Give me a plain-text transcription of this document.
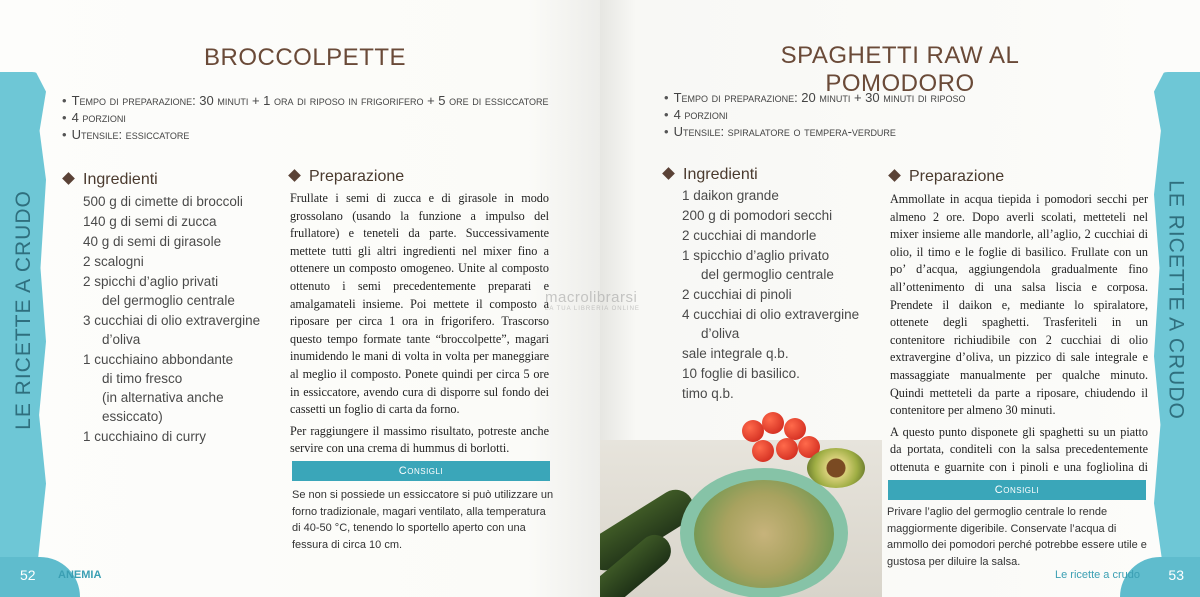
LE RICETTE A CRUDO
BROCCOLPETTE
• Tempo di preparazione: 30 minuti + 1 ora di riposo in frigorifero + 5 ore di essiccatore
• 4 porzioni
• Utensile: essiccatore
Ingredienti
500 g di cimette di broccoli
140 g di semi di zucca
40 g di semi di girasole
2 scalogni
2 spicchi d’aglio privati
del germoglio centrale
3 cucchiai di olio extravergine
d’oliva
1 cucchiaino abbondante
di timo fresco
(in alternativa anche
essiccato)
1 cucchiaino di curry
Preparazione

Frullate i semi di zucca e di girasole in modo grossolano (usando la funzione a impulso del frullatore) e teneteli da parte. Successivamente mettete tutti gli altri ingredienti nel mixer fino a ottenere un composto omogeneo. Unite al composto ottenuto i semi precedentemente preparati e amalgamateli insieme. Poi mettete il composto a riposare per circa 1 ora in frigorifero. Trascorso questo tempo formate tante “broccolpette”, magari inumidendo le mani di volta in volta per maneggiare al meglio il composto. Ponete quindi per circa 5 ore in essiccatore, avendo cura di disporre sul fondo dei cassetti un foglio di carta da forno.

Per raggiungere il massimo risultato, potreste anche servire con una crema di hummus di borlotti.

Consigli
Se non si possiede un essiccatore si può utilizzare un forno tradizionale, magari ventilato, alla temperatura di 40-50 °C, tenendo lo sportello aperto con una fessura di circa 10 cm.
52 ANEMIA
LE RICETTE A CRUDO
SPAGHETTI RAW AL POMODORO
• Tempo di preparazione: 20 minuti + 30 minuti di riposo
• 4 porzioni
• Utensile: spiralatore o tempera-verdure
Ingredienti
1 daikon grande
200 g di pomodori secchi
2 cucchiai di mandorle
1 spicchio d’aglio privato
del germoglio centrale
2 cucchiai di pinoli
4 cucchiai di olio extravergine
d’oliva
sale integrale q.b.
10 foglie di basilico.
timo q.b.
Preparazione

Ammollate in acqua tiepida i pomodori secchi per almeno 2 ore. Dopo averli scolati, metteteli nel mixer insieme alle mandorle, all’aglio, 2 cucchiai di olio, il timo e le foglie di basilico. Frullate con un po’ d’acqua, aggiungendola gradualmente fino all’ottenimento di una salsa liscia e corposa. Prendete il daikon e, mediante lo spiralatore, ottenete degli spaghetti. Trasferiteli in un contenitore richiudibile con 2 cucchiai di olio extravergine d’oliva, un pizzico di sale integrale e massaggiate manualmente per qualche minuto. Quindi metteteli da parte a riposare, chiudendo il contenitore per almeno 30 minuti.

A questo punto disponete gli spaghetti su un piatto da portata, conditeli con la salsa precedentemente ottenuta e guarnite con i pinoli e una fogliolina di

Consigli
Privare l’aglio del germoglio centrale lo rende maggiormente digeribile. Conservate l’acqua di ammollo dei pomodori perché potrebbe essere utile e gustosa per diluire la salsa.
53
Le ricette a crudo
macrolibrarsi
LA TUA LIBRERIA ONLINE
